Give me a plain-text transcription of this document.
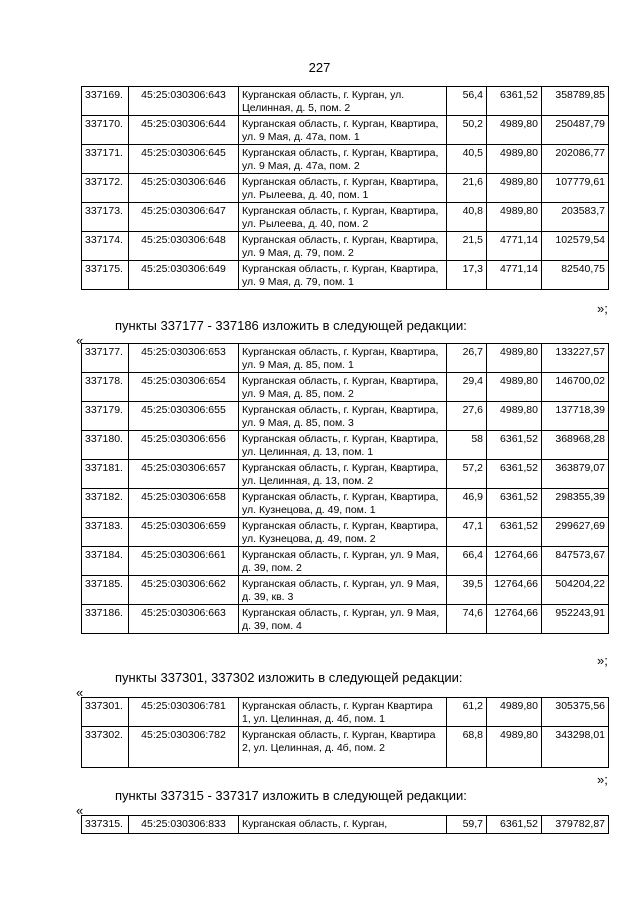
227
337169.	45:25:030306:643	Курганская область, г. Курган, ул. Целинная, д. 5, пом. 2	56,4	6361,52	358789,85
337170.	45:25:030306:644	Курганская область, г. Курган, Квартира, ул. 9 Мая, д. 47а, пом. 1	50,2	4989,80	250487,79
337171.	45:25:030306:645	Курганская область, г. Курган, Квартира, ул. 9 Мая, д. 47а, пом. 2	40,5	4989,80	202086,77
337172.	45:25:030306:646	Курганская область, г. Курган, Квартира, ул. Рылеева, д. 40, пом. 1	21,6	4989,80	107779,61
337173.	45:25:030306:647	Курганская область, г. Курган, Квартира, ул. Рылеева, д. 40, пом. 2	40,8	4989,80	203583,7
337174.	45:25:030306:648	Курганская область, г. Курган, Квартира, ул. 9 Мая, д. 79, пом. 2	21,5	4771,14	102579,54
337175.	45:25:030306:649	Курганская область, г. Курган, Квартира, ул. 9 Мая, д. 79, пом. 1	17,3	4771,14	82540,75
»;
пункты 337177 - 337186 изложить в следующей редакции:
«
337177.	45:25:030306:653	Курганская область, г. Курган, Квартира, ул. 9 Мая, д. 85, пом. 1	26,7	4989,80	133227,57
337178.	45:25:030306:654	Курганская область, г. Курган, Квартира, ул. 9 Мая, д. 85, пом. 2	29,4	4989,80	146700,02
337179.	45:25:030306:655	Курганская область, г. Курган, Квартира, ул. 9 Мая, д. 85, пом. 3	27,6	4989,80	137718,39
337180.	45:25:030306:656	Курганская область, г. Курган, Квартира, ул. Целинная, д. 13, пом. 1	58	6361,52	368968,28
337181.	45:25:030306:657	Курганская область, г. Курган, Квартира, ул. Целинная, д. 13, пом. 2	57,2	6361,52	363879,07
337182.	45:25:030306:658	Курганская область, г. Курган, Квартира, ул. Кузнецова, д. 49, пом. 1	46,9	6361,52	298355,39
337183.	45:25:030306:659	Курганская область, г. Курган, Квартира, ул. Кузнецова, д. 49, пом. 2	47,1	6361,52	299627,69
337184.	45:25:030306:661	Курганская область, г. Курган, ул. 9 Мая, д. 39, пом. 2	66,4	12764,66	847573,67
337185.	45:25:030306:662	Курганская область, г. Курган, ул. 9 Мая, д. 39, кв. 3	39,5	12764,66	504204,22
337186.	45:25:030306:663	Курганская область, г. Курган, ул. 9 Мая, д. 39, пом. 4	74,6	12764,66	952243,91
»;
пункты 337301, 337302 изложить в следующей редакции:
«
337301.	45:25:030306:781	Курганская область, г. Курган Квартира 1, ул. Целинная, д. 4б, пом. 1	61,2	4989,80	305375,56
337302.	45:25:030306:782	Курганская область, г. Курган, Квартира 2, ул. Целинная, д. 4б, пом. 2	68,8	4989,80	343298,01
»;
пункты 337315 - 337317 изложить в следующей редакции:
«
337315.	45:25:030306:833	Курганская область, г. Курган,	59,7	6361,52	379782,87
